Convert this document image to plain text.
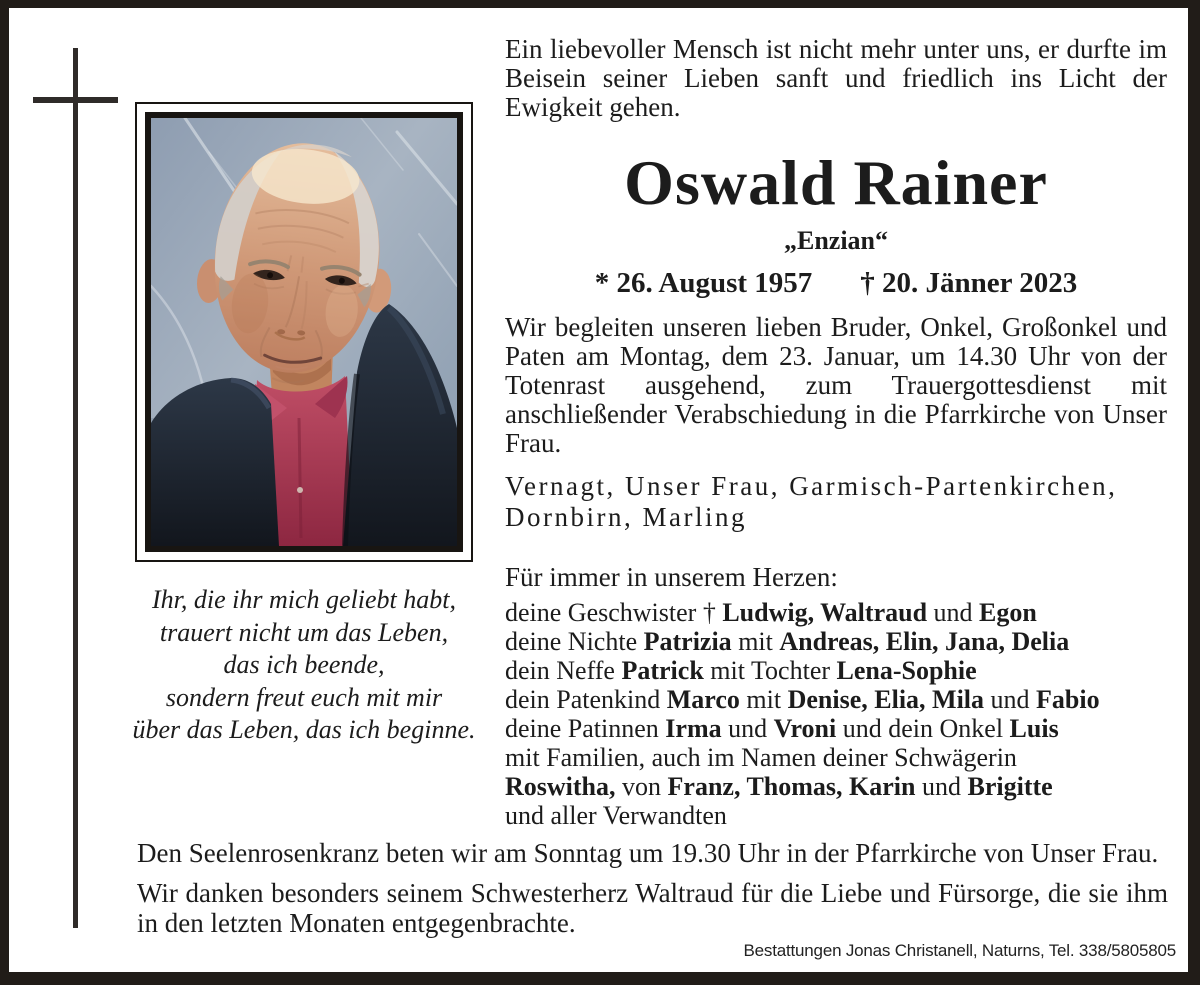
Ihr, die ihr mich geliebt habt,
trauert nicht um das Leben,
das ich beende,
sondern freut euch mit mir
über das Leben, das ich beginne.

Ein liebevoller Mensch ist nicht mehr unter uns, er durfte im Beisein seiner Lieben sanft und friedlich ins Licht der Ewigkeit gehen.

Oswald Rainer
„Enzian“
* 26. August 1957 † 20. Jänner 2023

Wir begleiten unseren lieben Bruder, Onkel, Großonkel und Paten am Montag, dem 23. Januar, um 14.30 Uhr von der Totenrast ausgehend, zum Trauergottesdienst mit anschließender Verabschiedung in die Pfarrkirche von Unser Frau.

Vernagt, Unser Frau, Garmisch-Partenkirchen,
Dornbirn, Marling
Für immer in unserem Herzen:
deine Geschwister † Ludwig, Waltraud und Egon
deine Nichte Patrizia mit Andreas, Elin, Jana, Delia
dein Neffe Patrick mit Tochter Lena-Sophie
dein Patenkind Marco mit Denise, Elia, Mila und Fabio
deine Patinnen Irma und Vroni und dein Onkel Luis
mit Familien, auch im Namen deiner Schwägerin
Roswitha, von Franz, Thomas, Karin und Brigitte
und aller Verwandten

Den Seelenrosenkranz beten wir am Sonntag um 19.30 Uhr in der Pfarrkirche von Unser Frau.

Wir danken besonders seinem Schwesterherz Waltraud für die Liebe und Fürsorge, die sie ihm in den letzten Monaten entgegenbrachte.

Bestattungen Jonas Christanell, Naturns, Tel. 338/5805805
